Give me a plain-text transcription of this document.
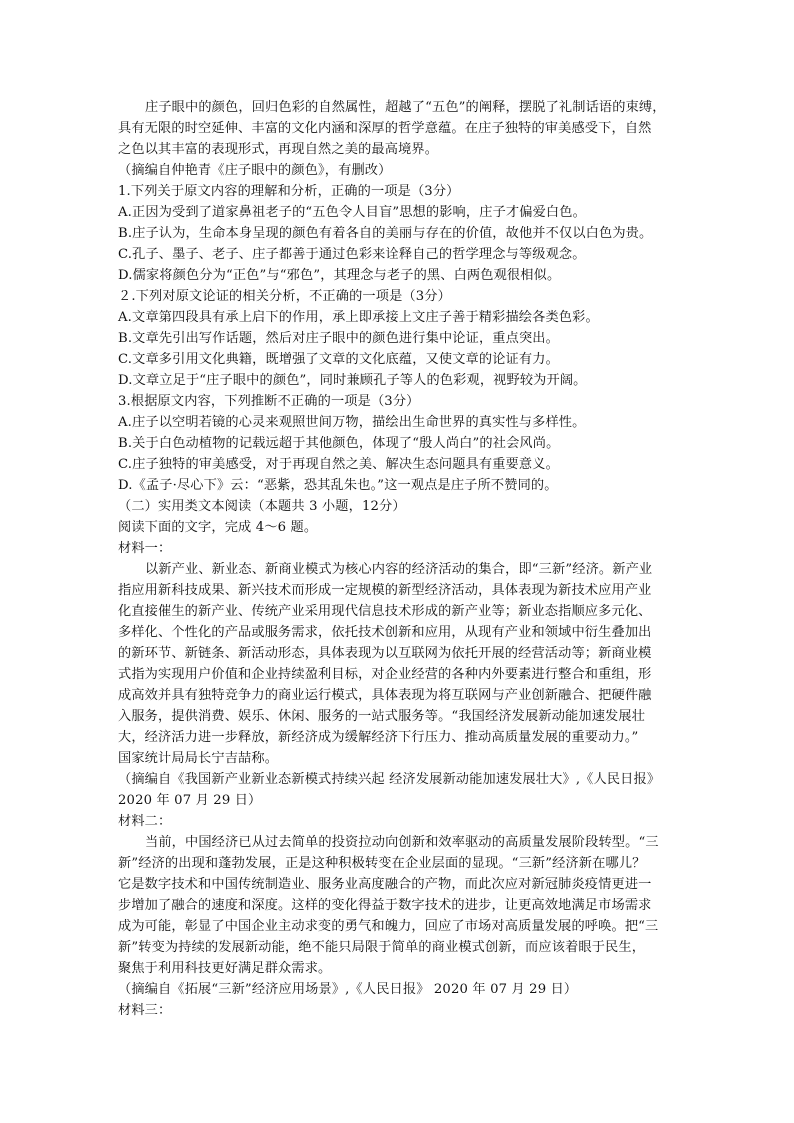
庄子眼中的颜色，回归色彩的自然属性，超越了“五色”的阐释，摆脱了礼制话语的束缚，

具有无限的时空延伸、丰富的文化内涵和深厚的哲学意蕴。在庄子独特的审美感受下，自然

之色以其丰富的表现形式，再现自然之美的最高境界。

（摘编自仲艳青《庄子眼中的颜色》，有删改）

1.下列关于原文内容的理解和分析，正确的一项是（3分）

A.正因为受到了道家鼻祖老子的“五色令人目盲”思想的影响，庄子才偏爱白色。

B.庄子认为，生命本身呈现的颜色有着各自的美丽与存在的价值，故他并不仅以白色为贵。

C.孔子、墨子、老子、庄子都善于通过色彩来诠释自己的哲学理念与等级观念。

D.儒家将颜色分为“正色”与“邪色”，其理念与老子的黑、白两色观很相似。

２.下列对原文论证的相关分析，不正确的一项是（3分）

A.文章第四段具有承上启下的作用，承上即承接上文庄子善于精彩描绘各类色彩。

B.文章先引出写作话题，然后对庄子眼中的颜色进行集中论证，重点突出。

C.文章多引用文化典籍，既增强了文章的文化底蕴，又使文章的论证有力。

D.文章立足于“庄子眼中的颜色”，同时兼顾孔子等人的色彩观，视野较为开阔。

3.根据原文内容，下列推断不正确的一项是（3分）

A.庄子以空明若镜的心灵来观照世间万物，描绘出生命世界的真实性与多样性。

B.关于白色动植物的记载远超于其他颜色，体现了“殷人尚白”的社会风尚。

C.庄子独特的审美感受，对于再现自然之美、解决生态问题具有重要意义。

D.《孟子·尽心下》云：“恶紫，恐其乱朱也。”这一观点是庄子所不赞同的。

（二）实用类文本阅读（本题共 3 小题，12分）

阅读下面的文字，完成 4～6 题。

材料一：

以新产业、新业态、新商业模式为核心内容的经济活动的集合，即“三新”经济。新产业

指应用新科技成果、新兴技术而形成一定规模的新型经济活动，具体表现为新技术应用产业

化直接催生的新产业、传统产业采用现代信息技术形成的新产业等；新业态指顺应多元化、

多样化、个性化的产品或服务需求，依托技术创新和应用，从现有产业和领域中衍生叠加出

的新环节、新链条、新活动形态，具体表现为以互联网为依托开展的经营活动等；新商业模

式指为实现用户价值和企业持续盈利目标，对企业经营的各种内外要素进行整合和重组，形

成高效并具有独特竞争力的商业运行模式，具体表现为将互联网与产业创新融合、把硬件融

入服务，提供消费、娱乐、休闲、服务的一站式服务等。“我国经济发展新动能加速发展壮

大，经济活力进一步释放，新经济成为缓解经济下行压力、推动高质量发展的重要动力。”

国家统计局局长宁吉喆称。

（摘编自《我国新产业新业态新模式持续兴起 经济发展新动能加速发展壮大》,《人民日报》

2020 年 07 月 29 日）

材料二：

当前，中国经济已从过去简单的投资拉动向创新和效率驱动的高质量发展阶段转型。“三

新”经济的出现和蓬勃发展，正是这种积极转变在企业层面的显现。“三新”经济新在哪儿？

它是数字技术和中国传统制造业、服务业高度融合的产物，而此次应对新冠肺炎疫情更进一

步增加了融合的速度和深度。这样的变化得益于数字技术的进步，让更高效地满足市场需求

成为可能，彰显了中国企业主动求变的勇气和魄力，回应了市场对高质量发展的呼唤。把“三

新”转变为持续的发展新动能，绝不能只局限于简单的商业模式创新，而应该着眼于民生，

聚焦于利用科技更好满足群众需求。

（摘编自《拓展“三新”经济应用场景》,《人民日报》 2020 年 07 月 29 日）

材料三：
